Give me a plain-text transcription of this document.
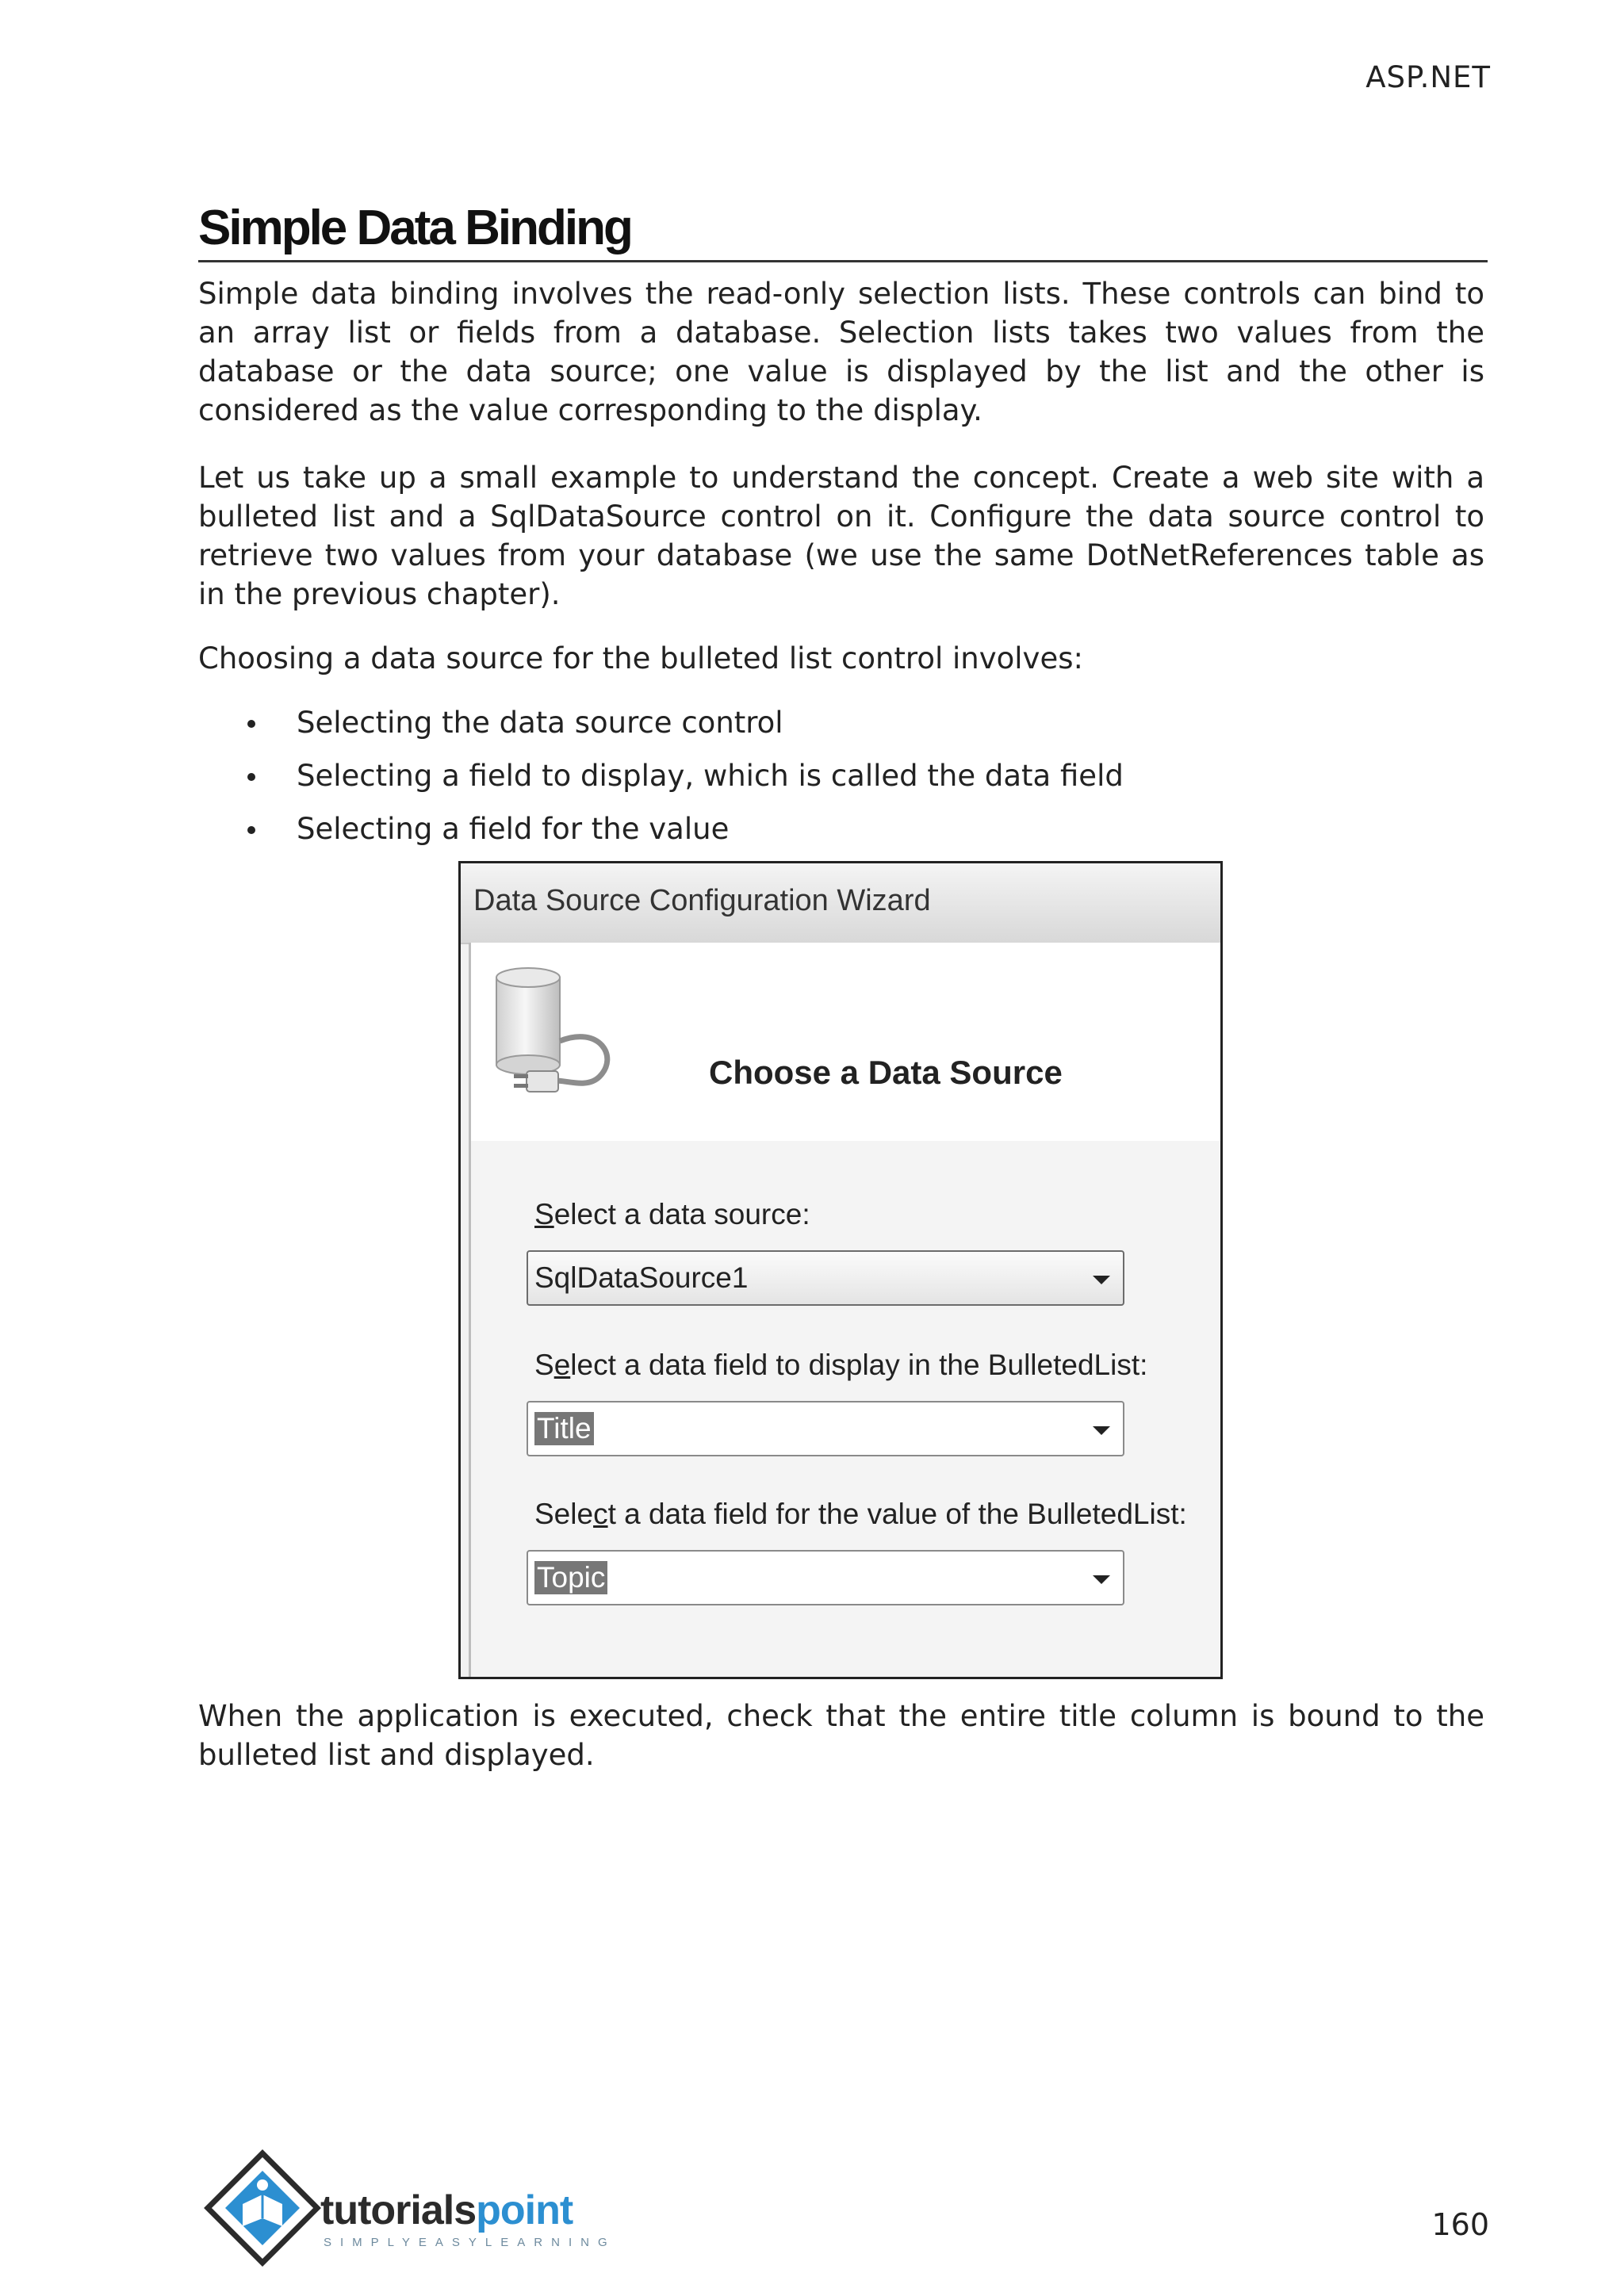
ASP.NET
Simple Data Binding

Simple data binding involves the read-only selection lists. These controls can bind to an array list or fields from a database. Selection lists takes two values from the database or the data source; one value is displayed by the list and the other is considered as the value corresponding to the display.

Let us take up a small example to understand the concept. Create a web site with a bulleted list and a SqlDataSource control on it. Configure the data source control to retrieve two values from your database (we use the same DotNetReferences table as in the previous chapter).

Choosing a data source for the bulleted list control involves:

Selecting the data source control
Selecting a field to display, which is called the data field
Selecting a field for the value
Data Source Configuration Wizard
Choose a Data Source
Select a data source:
SqlDataSource1
Select a data field to display in the BulletedList:
Title
Select a data field for the value of the BulletedList:
Topic

When the application is executed, check that the entire title column is bound to the bulleted list and displayed.

tutorialspoint
SIMPLYEASYLEARNING
160
